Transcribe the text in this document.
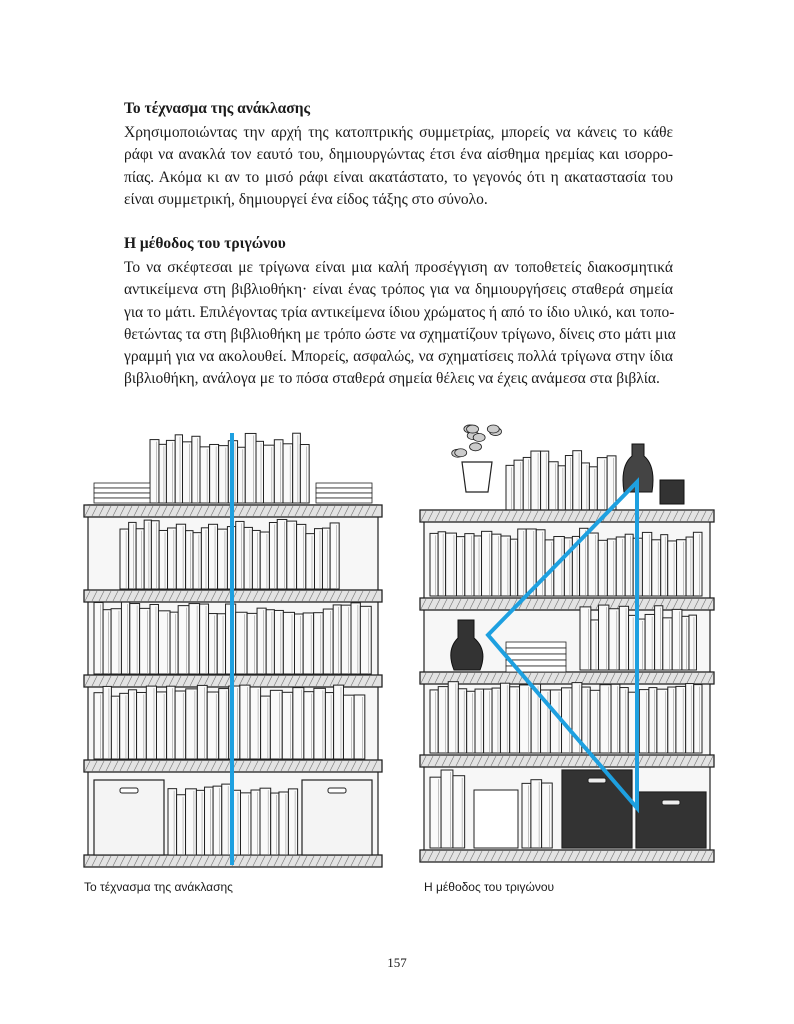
Το τέχνασμα της ανάκλασης
Χρησιμοποιώντας την αρχή της κατοπτρικής συμμετρίας, μπορείς να κάνεις το κάθε
ράφι να ανακλά τον εαυτό του, δημιουργώντας έτσι ένα αίσθημα ηρεμίας και ισορρο-
πίας. Ακόμα κι αν το μισό ράφι είναι ακατάστατο, το γεγονός ότι η ακαταστασία του
είναι συμμετρική, δημιουργεί ένα είδος τάξης στο σύνολο.
Η μέθοδος του τριγώνου
Το να σκέφτεσαι με τρίγωνα είναι μια καλή προσέγγιση αν τοποθετείς διακοσμητικά
αντικείμενα στη βιβλιοθήκη· είναι ένας τρόπος για να δημιουργήσεις σταθερά σημεία
για το μάτι. Επιλέγοντας τρία αντικείμενα ίδιου χρώματος ή από το ίδιο υλικό, και τοπο-
θετώντας τα στη βιβλιοθήκη με τρόπο ώστε να σχηματίζουν τρίγωνο, δίνεις στο μάτι μια
γραμμή για να ακολουθεί. Μπορείς, ασφαλώς, να σχηματίσεις πολλά τρίγωνα στην ίδια
βιβλιοθήκη, ανάλογα με το πόσα σταθερά σημεία θέλεις να έχεις ανάμεσα στα βιβλία.
Το τέχνασμα της ανάκλασης	Η μέθοδος του τριγώνου
157
